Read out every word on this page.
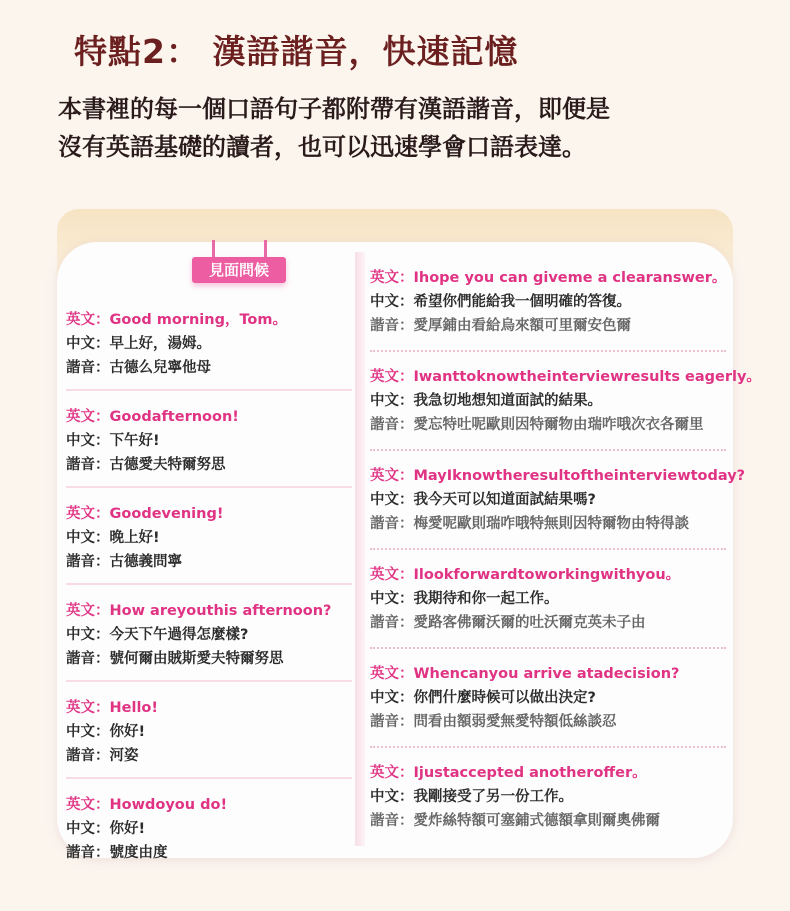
特點2： 漢語諧音，快速記憶
本書裡的每一個口語句子都附帶有漢語諧音，即便是
沒有英語基礎的讀者，也可以迅速學會口語表達。
見面問候
英文：Good morning，Tom。
中文：早上好，湯姆。
諧音：古德么兒寧他母
英文：Goodafternoon!
中文：下午好!
諧音：古德愛夫特爾努思
英文：Goodevening!
中文：晚上好!
諧音：古德義問寧
英文：How areyouthis afternoon?
中文：今天下午過得怎麼樣?
諧音：號何爾由賊斯愛夫特爾努思
英文：Hello!
中文：你好!
諧音：河姿
英文：Howdoyou do!
中文：你好!
諧音：號度由度
英文：Ihope you can giveme a clearanswer。
中文：希望你們能給我一個明確的答復。
諧音：愛厚鋪由看給烏來額可里爾安色爾
英文：Iwanttoknowtheinterviewresults eagerly。
中文：我急切地想知道面試的結果。
諧音：愛忘特吐呢歐則因特爾物由瑞咋哦次衣各爾里
英文：MayIknowtheresultoftheinterviewtoday?
中文：我今天可以知道面試結果嗎?
諧音：梅愛呢歐則瑞咋哦特無則因特爾物由特得談
英文：Ilookforwardtoworkingwithyou。
中文：我期待和你一起工作。
諧音：愛路客佛爾沃爾的吐沃爾克英未子由
英文：Whencanyou arrive atadecision?
中文：你們什麼時候可以做出決定?
諧音：問看由額弱愛無愛特額低絲談忍
英文：Ijustaccepted anotheroffer。
中文：我剛接受了另一份工作。
諧音：愛炸絲特額可塞鋪式德額拿則爾奧佛爾
